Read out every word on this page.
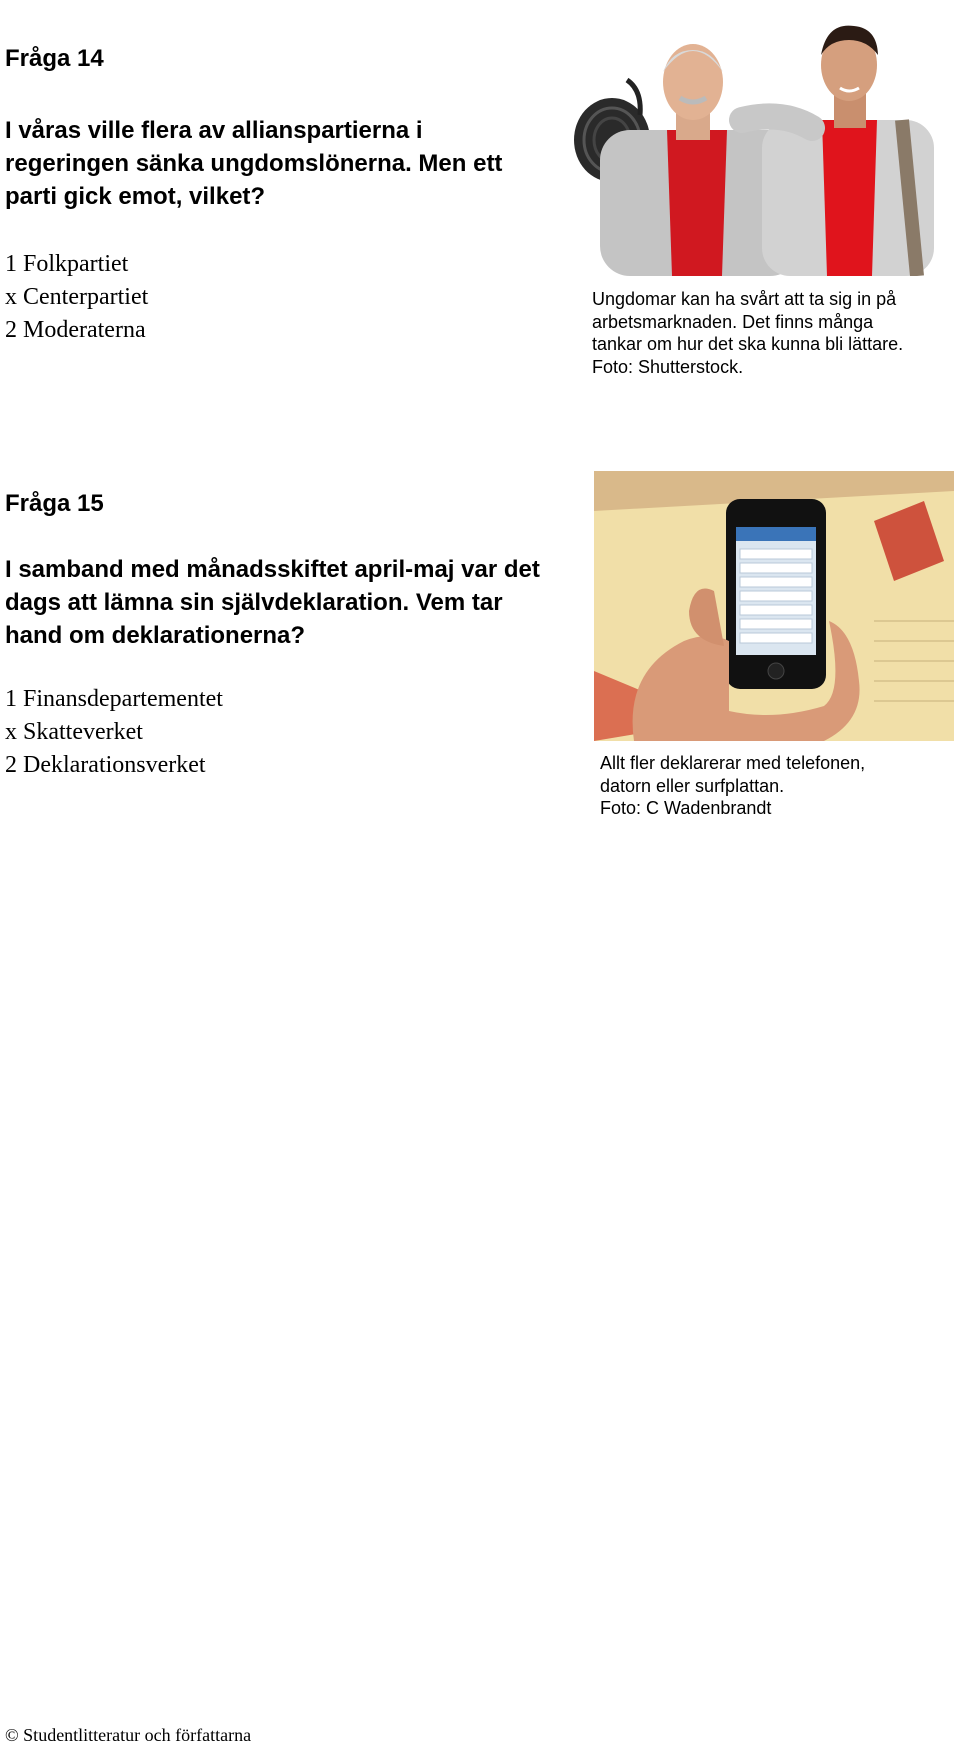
Fråga 14

I våras ville flera av allianspartierna i
regeringen sänka ungdomslönerna. Men ett
parti gick emot, vilket?

1 Folkpartiet
x Centerpartiet
2 Moderaterna

Ungdomar kan ha svårt att ta sig in på
arbetsmarknaden. Det finns många
tankar om hur det ska kunna bli lättare.
Foto: Shutterstock.

Fråga 15

I samband med månadsskiftet april-maj var det
dags att lämna sin självdeklaration. Vem tar
hand om deklarationerna?

1 Finansdepartementet
x Skatteverket
2 Deklarationsverket	Allt fler deklarerar med telefonen,
datorn eller surfplattan.
Foto: C Wadenbrandt

© Studentlitteratur och författarna
